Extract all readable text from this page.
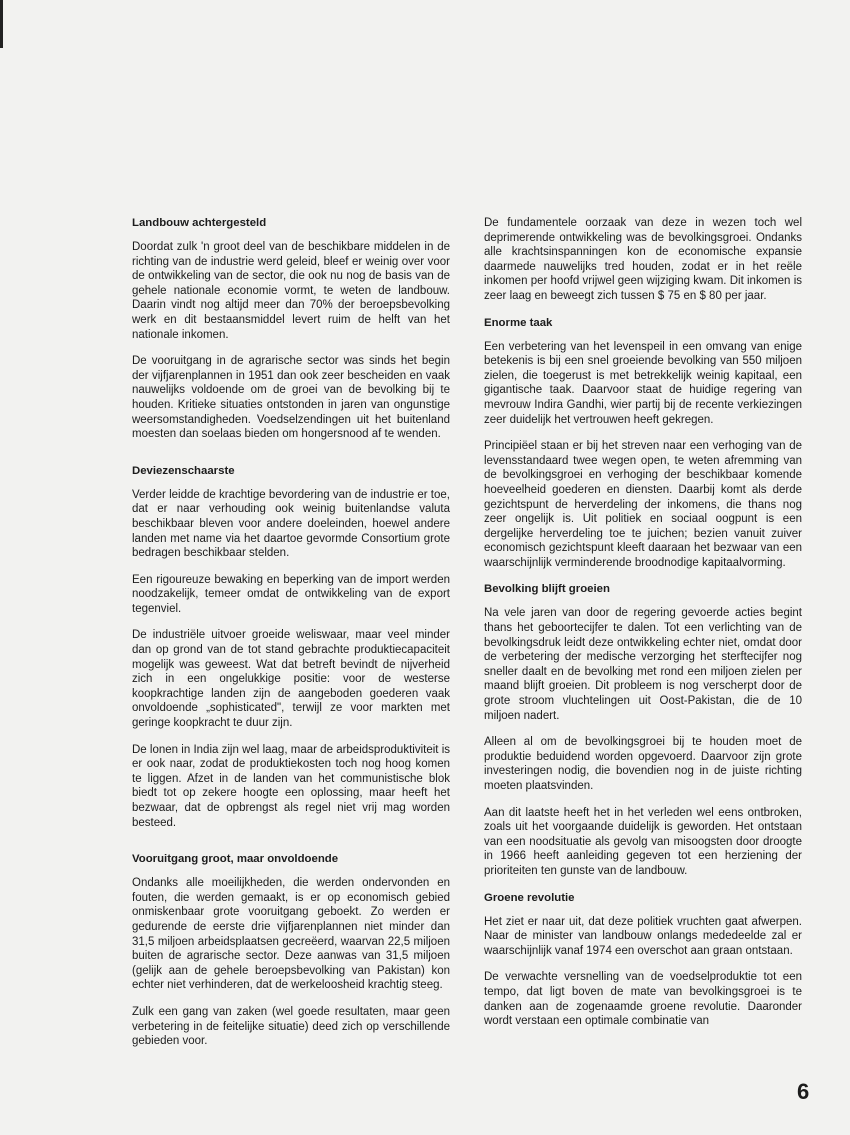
Landbouw achtergesteld

Doordat zulk 'n groot deel van de beschikbare middelen in de richting van de industrie werd geleid, bleef er weinig over voor de ontwikkeling van de sector, die ook nu nog de basis van de gehele nationale economie vormt, te weten de landbouw. Daarin vindt nog altijd meer dan 70% der beroepsbevolking werk en dit bestaansmiddel levert ruim de helft van het nationale inkomen.

De vooruitgang in de agrarische sector was sinds het begin der vijfjarenplannen in 1951 dan ook zeer bescheiden en vaak nauwelijks voldoende om de groei van de bevolking bij te houden. Kritieke situaties ontstonden in jaren van ongunstige weersomstandigheden. Voedselzendingen uit het buitenland moesten dan soelaas bieden om hongersnood af te wenden.

Deviezenschaarste

Verder leidde de krachtige bevordering van de industrie er toe, dat er naar verhouding ook weinig buitenlandse valuta beschikbaar bleven voor andere doeleinden, hoewel andere landen met name via het daartoe gevormde Consortium grote bedragen beschikbaar stelden.

Een rigoureuze bewaking en beperking van de import werden noodzakelijk, temeer omdat de ontwikkeling van de export tegenviel.

De industriële uitvoer groeide weliswaar, maar veel minder dan op grond van de tot stand gebrachte produktiecapaciteit mogelijk was geweest. Wat dat betreft bevindt de nijverheid zich in een ongelukkige positie: voor de westerse koopkrachtige landen zijn de aangeboden goederen vaak onvoldoende „sophisticated", terwijl ze voor markten met geringe koopkracht te duur zijn.

De lonen in India zijn wel laag, maar de arbeidsproduktiviteit is er ook naar, zodat de produktiekosten toch nog hoog komen te liggen. Afzet in de landen van het communistische blok biedt tot op zekere hoogte een oplossing, maar heeft het bezwaar, dat de opbrengst als regel niet vrij mag worden besteed.

Vooruitgang groot, maar onvoldoende

Ondanks alle moeilijkheden, die werden ondervonden en fouten, die werden gemaakt, is er op economisch gebied onmiskenbaar grote vooruitgang geboekt. Zo werden er gedurende de eerste drie vijfjarenplannen niet minder dan 31,5 miljoen arbeidsplaatsen gecreëerd, waarvan 22,5 miljoen buiten de agrarische sector. Deze aanwas van 31,5 miljoen (gelijk aan de gehele beroepsbevolking van Pakistan) kon echter niet verhinderen, dat de werkeloosheid krachtig steeg.

Zulk een gang van zaken (wel goede resultaten, maar geen verbetering in de feitelijke situatie) deed zich op verschillende gebieden voor.

De fundamentele oorzaak van deze in wezen toch wel deprimerende ontwikkeling was de bevolkingsgroei. Ondanks alle krachtsinspanningen kon de economische expansie daarmede nauwelijks tred houden, zodat er in het reële inkomen per hoofd vrijwel geen wijziging kwam. Dit inkomen is zeer laag en beweegt zich tussen $ 75 en $ 80 per jaar.

Enorme taak

Een verbetering van het levenspeil in een omvang van enige betekenis is bij een snel groeiende bevolking van 550 miljoen zielen, die toegerust is met betrekkelijk weinig kapitaal, een gigantische taak. Daarvoor staat de huidige regering van mevrouw Indira Gandhi, wier partij bij de recente verkiezingen zeer duidelijk het vertrouwen heeft gekregen.

Principiëel staan er bij het streven naar een verhoging van de levensstandaard twee wegen open, te weten afremming van de bevolkingsgroei en verhoging der beschikbaar komende hoeveelheid goederen en diensten. Daarbij komt als derde gezichtspunt de herverdeling der inkomens, die thans nog zeer ongelijk is. Uit politiek en sociaal oogpunt is een dergelijke herverdeling toe te juichen; bezien vanuit zuiver economisch gezichtspunt kleeft daaraan het bezwaar van een waarschijnlijk verminderende broodnodige kapitaalvorming.

Bevolking blijft groeien

Na vele jaren van door de regering gevoerde acties begint thans het geboortecijfer te dalen. Tot een verlichting van de bevolkingsdruk leidt deze ontwikkeling echter niet, omdat door de verbetering der medische verzorging het sterftecijfer nog sneller daalt en de bevolking met rond een miljoen zielen per maand blijft groeien. Dit probleem is nog verscherpt door de grote stroom vluchtelingen uit Oost-Pakistan, die de 10 miljoen nadert.

Alleen al om de bevolkingsgroei bij te houden moet de produktie beduidend worden opgevoerd. Daarvoor zijn grote investeringen nodig, die bovendien nog in de juiste richting moeten plaatsvinden.

Aan dit laatste heeft het in het verleden wel eens ontbroken, zoals uit het voorgaande duidelijk is geworden. Het ontstaan van een noodsituatie als gevolg van misoogsten door droogte in 1966 heeft aanleiding gegeven tot een herziening der prioriteiten ten gunste van de landbouw.

Groene revolutie

Het ziet er naar uit, dat deze politiek vruchten gaat afwerpen. Naar de minister van landbouw onlangs mededeelde zal er waarschijnlijk vanaf 1974 een overschot aan graan ontstaan.

De verwachte versnelling van de voedselproduktie tot een tempo, dat ligt boven de mate van bevolkingsgroei is te danken aan de zogenaamde groene revolutie. Daaronder wordt verstaan een optimale combinatie van

6
